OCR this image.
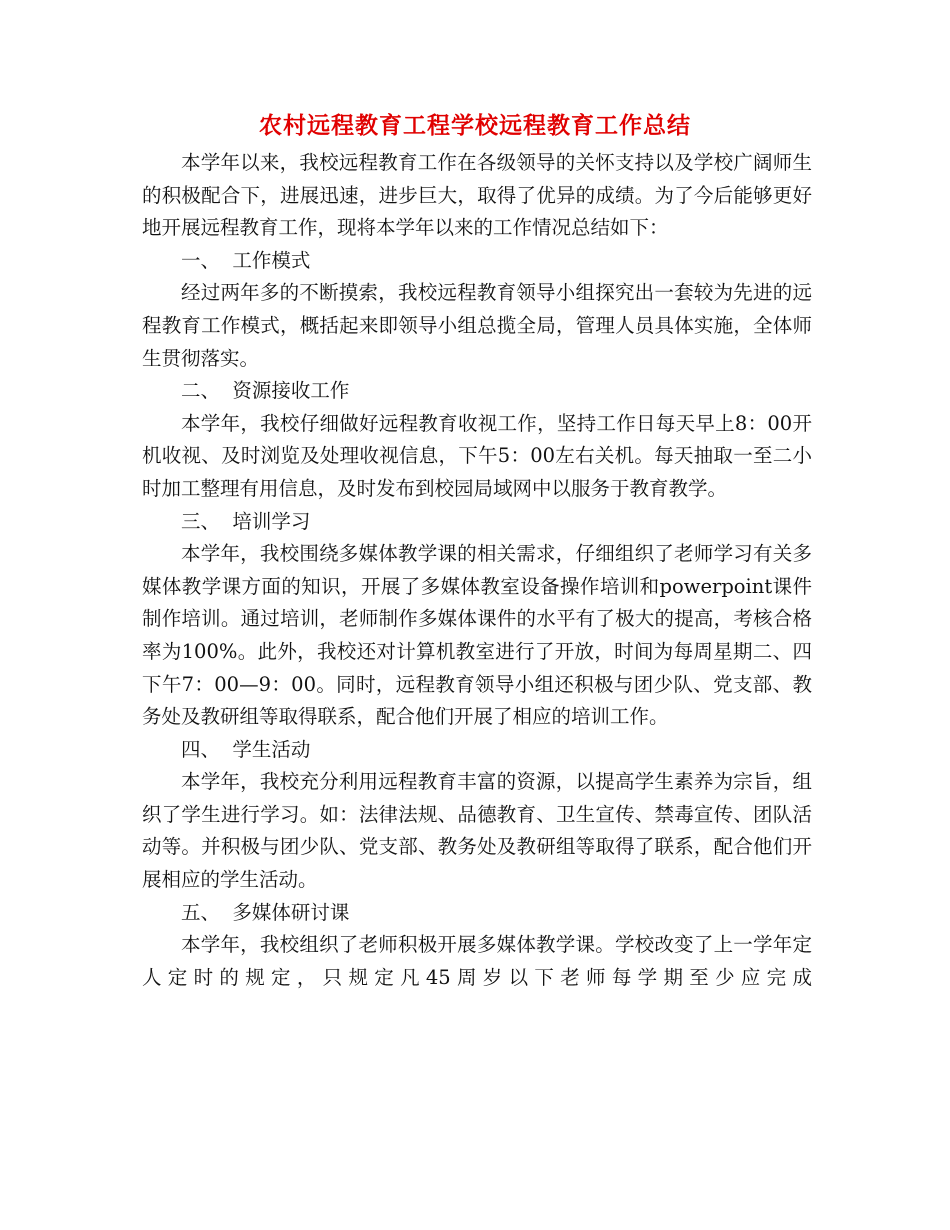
农村远程教育工程学校远程教育工作总结

本学年以来，我校远程教育工作在各级领导的关怀支持以及学校广阔师生的积极配合下，进展迅速，进步巨大，取得了优异的成绩。为了今后能够更好地开展远程教育工作，现将本学年以来的工作情况总结如下：

一、  工作模式

经过两年多的不断摸索，我校远程教育领导小组探究出一套较为先进的远程教育工作模式，概括起来即领导小组总揽全局，管理人员具体实施，全体师生贯彻落实。

二、  资源接收工作

本学年，我校仔细做好远程教育收视工作，坚持工作日每天早上8：00开机收视、及时浏览及处理收视信息，下午5：00左右关机。每天抽取一至二小时加工整理有用信息，及时发布到校园局域网中以服务于教育教学。

三、  培训学习

本学年，我校围绕多媒体教学课的相关需求，仔细组织了老师学习有关多媒体教学课方面的知识，开展了多媒体教室设备操作培训和powerpoint课件制作培训。通过培训，老师制作多媒体课件的水平有了极大的提高，考核合格率为100%。此外，我校还对计算机教室进行了开放，时间为每周星期二、四下午7：00—9：00。同时，远程教育领导小组还积极与团少队、党支部、教务处及教研组等取得联系，配合他们开展了相应的培训工作。

四、  学生活动

本学年，我校充分利用远程教育丰富的资源，以提高学生素养为宗旨，组织了学生进行学习。如：法律法规、品德教育、卫生宣传、禁毒宣传、团队活动等。并积极与团少队、党支部、教务处及教研组等取得了联系，配合他们开展相应的学生活动。

五、  多媒体研讨课

本学年，我校组织了老师积极开展多媒体教学课。学校改变了上一学年定人定时的规定，只规定凡45周岁以下老师每学期至少应完成
